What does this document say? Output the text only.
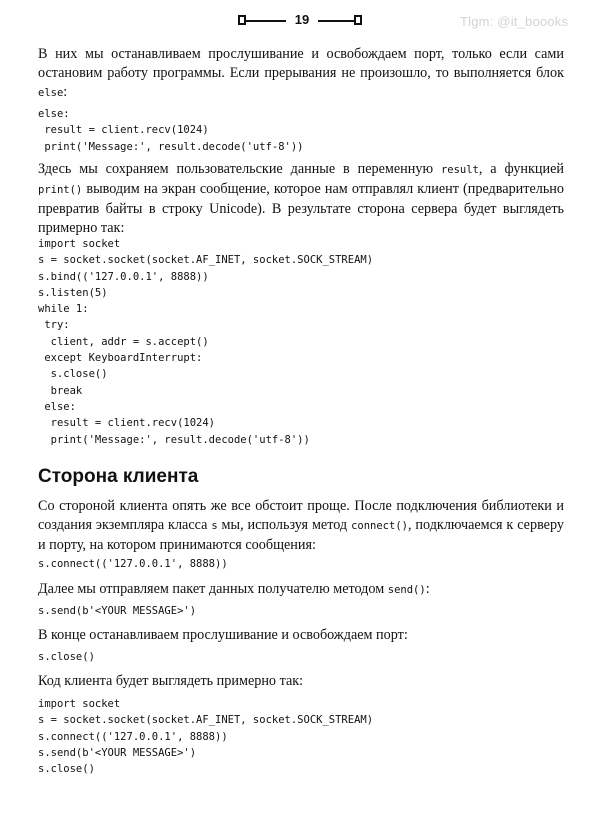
19	Tlgm: @it_boooks

В них мы останавливаем прослушивание и освобождаем порт, только если сами остановим работу программы. Если прерывания не произошло, то выполняется блок else:

else:
result = client.recv(1024)
print('Message:', result.decode('utf-8'))

Здесь мы сохраняем пользовательские данные в переменную result, а функцией print() выводим на экран сообщение, которое нам отправлял клиент (предварительно превратив байты в строку Unicode). В результате сторона сервера будет выглядеть примерно так:

import socket
s = socket.socket(socket.AF_INET, socket.SOCK_STREAM)
s.bind(('127.0.0.1', 8888))
s.listen(5)
while 1:
try:
client, addr = s.accept()
except KeyboardInterrupt:
s.close()
break
else:
result = client.recv(1024)
print('Message:', result.decode('utf-8'))
Сторона клиента

Со стороной клиента опять же все обстоит проще. После подключения библиотеки и создания экземпляра класса s мы, используя метод connect(), подключаемся к серверу и порту, на котором принимаются сообщения:

s.connect(('127.0.0.1', 8888))

Далее мы отправляем пакет данных получателю методом send():

s.send(b'<YOUR MESSAGE>')

В конце останавливаем прослушивание и освобождаем порт:

s.close()

Код клиента будет выглядеть примерно так:

import socket
s = socket.socket(socket.AF_INET, socket.SOCK_STREAM)
s.connect(('127.0.0.1', 8888))
s.send(b'<YOUR MESSAGE>')
s.close()
